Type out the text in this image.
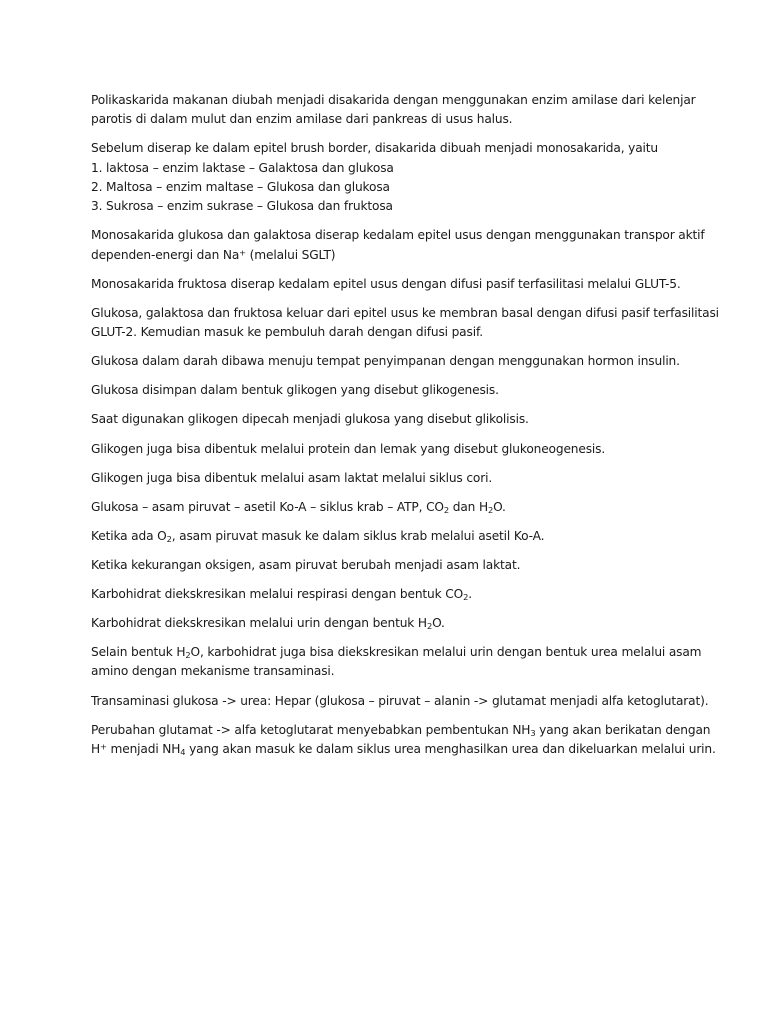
Polikaskarida makanan diubah menjadi disakarida dengan menggunakan enzim amilase dari kelenjar
parotis di dalam mulut dan enzim amilase dari pankreas di usus halus.

Sebelum diserap ke dalam epitel brush border, disakarida dibuah menjadi monosakarida, yaitu
1. laktosa – enzim laktase – Galaktosa dan glukosa
2. Maltosa – enzim maltase – Glukosa dan glukosa
3. Sukrosa – enzim sukrase – Glukosa dan fruktosa

Monosakarida glukosa dan galaktosa diserap kedalam epitel usus dengan menggunakan transpor aktif
dependen-energi dan Na+ (melalui SGLT)

Monosakarida fruktosa diserap kedalam epitel usus dengan difusi pasif terfasilitasi melalui GLUT-5.

Glukosa, galaktosa dan fruktosa keluar dari epitel usus ke membran basal dengan difusi pasif terfasilitasi
GLUT-2. Kemudian masuk ke pembuluh darah dengan difusi pasif.

Glukosa dalam darah dibawa menuju tempat penyimpanan dengan menggunakan hormon insulin.

Glukosa disimpan dalam bentuk glikogen yang disebut glikogenesis.

Saat digunakan glikogen dipecah menjadi glukosa yang disebut glikolisis.

Glikogen juga bisa dibentuk melalui protein dan lemak yang disebut glukoneogenesis.

Glikogen juga bisa dibentuk melalui asam laktat melalui siklus cori.

Glukosa – asam piruvat – asetil Ko-A – siklus krab – ATP, $CO_2$ dan $H_2O$.

Ketika ada $O_2$, asam piruvat masuk ke dalam siklus krab melalui asetil Ko-A.

Ketika kekurangan oksigen, asam piruvat berubah menjadi asam laktat.

Karbohidrat diekskresikan melalui respirasi dengan bentuk $CO_2$.

Karbohidrat diekskresikan melalui urin dengan bentuk $H_2O$.

Selain bentuk $H_2O$, karbohidrat juga bisa diekskresikan melalui urin dengan bentuk urea melalui asam
amino dengan mekanisme transaminasi.

Transaminasi glukosa -> urea: Hepar (glukosa – piruvat – alanin -> glutamat menjadi alfa ketoglutarat).

Perubahan glutamat -> alfa ketoglutarat menyebabkan pembentukan $NH_3$ yang akan berikatan dengan
H+ menjadi $NH_4$ yang akan masuk ke dalam siklus urea menghasilkan urea dan dikeluarkan melalui urin.
